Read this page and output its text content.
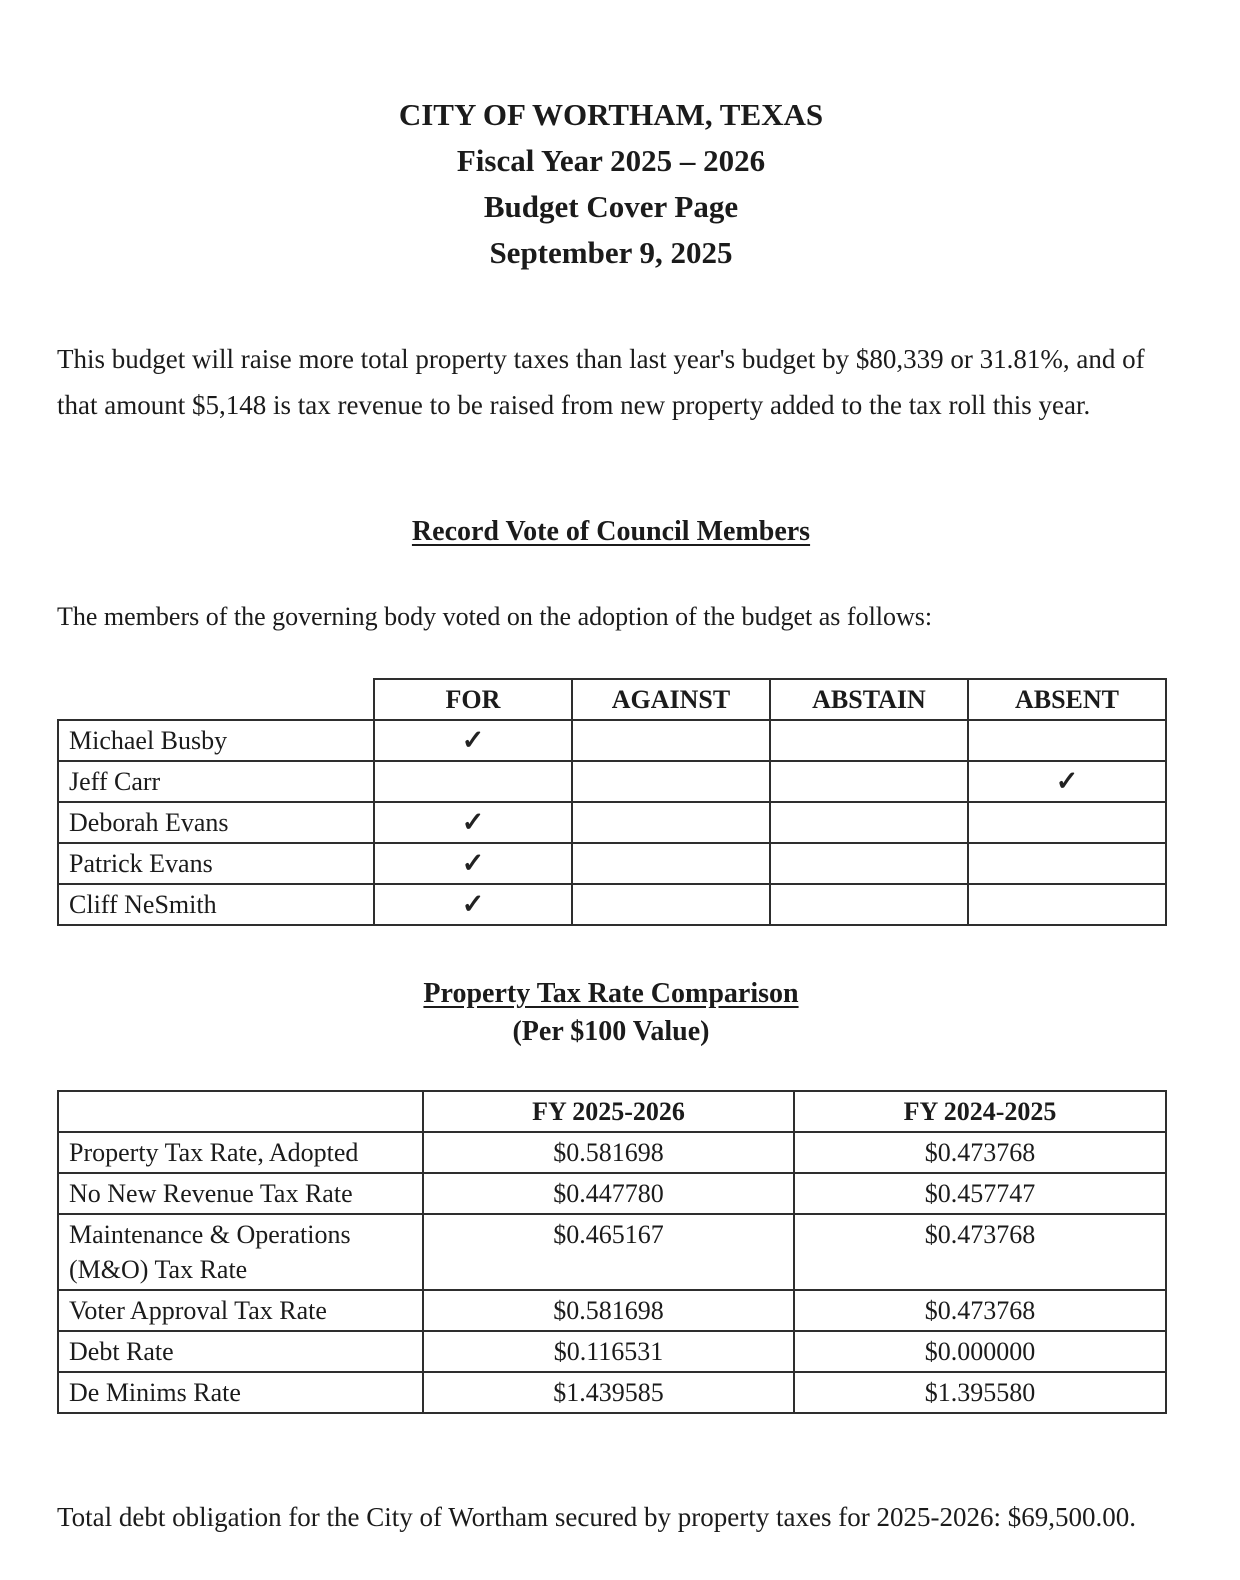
CITY OF WORTHAM, TEXAS
Fiscal Year 2025 – 2026
Budget Cover Page
September 9, 2025

This budget will raise more total property taxes than last year's budget by $80,339 or 31.81%, and of that amount $5,148 is tax revenue to be raised from new property added to the tax roll this year.

Record Vote of Council Members

The members of the governing body voted on the adoption of the budget as follows:

	FOR	AGAINST	ABSTAIN	ABSENT
Michael Busby	✓			
Jeff Carr				✓
Deborah Evans	✓			
Patrick Evans	✓			
Cliff NeSmith	✓			
Property Tax Rate Comparison
(Per $100 Value)
	FY 2025-2026	FY 2024-2025
Property Tax Rate, Adopted	$0.581698	$0.473768
No New Revenue Tax Rate	$0.447780	$0.457747
Maintenance & Operations (M&O) Tax Rate	$0.465167	$0.473768
Voter Approval Tax Rate	$0.581698	$0.473768
Debt Rate	$0.116531	$0.000000
De Minims Rate	$1.439585	$1.395580

Total debt obligation for the City of Wortham secured by property taxes for 2025-2026: $69,500.00.
